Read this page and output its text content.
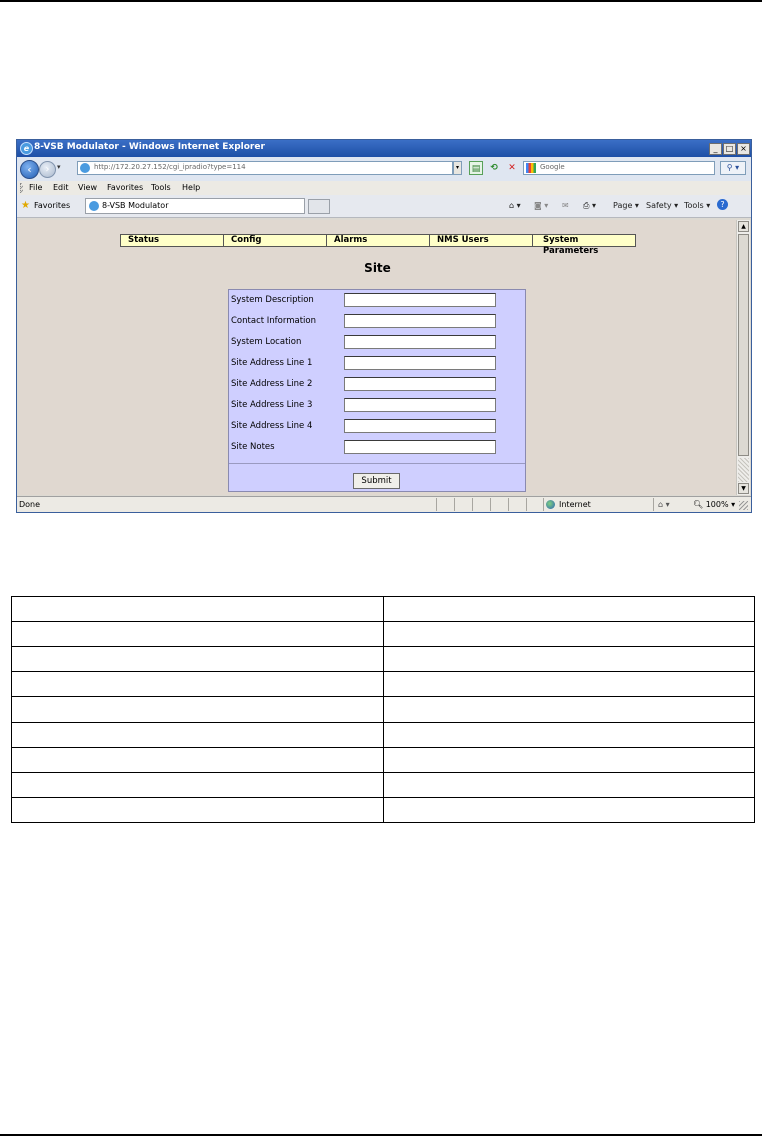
e 8-VSB Modulator - Windows Internet Explorer	_	□ ×
‹	›	▾	http://172.20.27.152/cgi_ipradio?type=114	▾	▤	⟲	✕	Google	⚲ ▾
File Edit View Favorites Tools Help
★ Favorites	8-VSB Modulator	⌂ ▾ ◙ ▾ ✉ ⎙ ▾ Page ▾ Safety ▾ Tools ▾	?
Status	Config	Alarms	NMS Users	System Parameters
Site
System Description
Contact Information
System Location
Site Address Line 1
Site Address Line 2
Site Address Line 3
Site Address Line 4
Site Notes
Submit
▲
▼
Done	Internet	⌂ ▾	🔍︎ 100% ▾
